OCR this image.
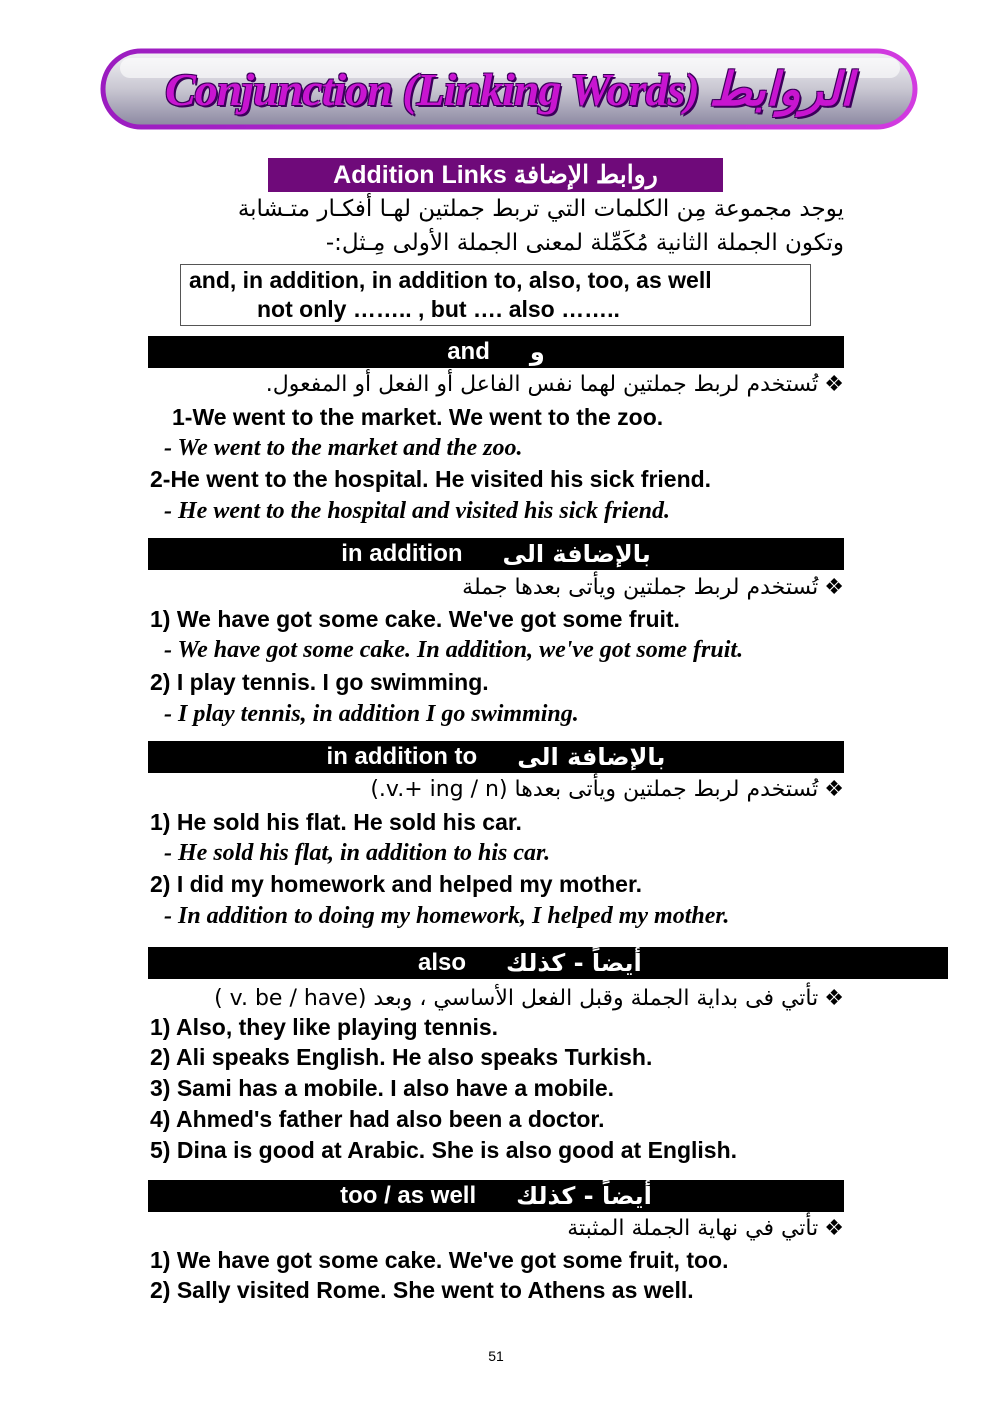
Conjunction (Linking Words) الروابط
Addition Links روابط الإضافة
يوجد مجموعة مِن الكلمات التي تربط جملتين لهـا أفكـار متـشابة
وتكون الجملة الثانية مُكَمِّلة لمعنى الجملة الأولى مِـثل:-
and, in addition, in addition to, also, too, as well
not only …….. , but …. also ……..
and و
❖تُستخدم لربط جملتين لهما نفس الفاعل أو الفعل أو المفعول.
1-We went to the market. We went to the zoo.
- We went to the market and the zoo.
2-He went to the hospital. He visited his sick friend.
- He went to the hospital and visited his sick friend.
in addition بالإضافة الى
❖تُستخدم لربط جملتين ويأتى بعدها جملة
1) We have got some cake. We've got some fruit.
- We have got some cake. In addition, we've got some fruit.
2) I play tennis. I go swimming.
- I play tennis, in addition I go swimming.
in addition to بالإضافة الى
❖تُستخدم لربط جملتين ويأتى بعدها (v.+ ing / n.)
1) He sold his flat. He sold his car.
- He sold his flat, in addition to his car.
2) I did my homework and helped my mother.
- In addition to doing my homework, I helped my mother.
also أيضاً - كذلك
❖تأتي فى بداية الجملة وقبل الفعل الأساسي ، وبعد (v. be / have )
1) Also, they like playing tennis.
2) Ali speaks English. He also speaks Turkish.
3) Sami has a mobile. I also have a mobile.
4) Ahmed's father had also been a doctor.
5) Dina is good at Arabic. She is also good at English.
too / as well أيضاً - كذلك
❖تأتي في نهاية الجملة المثبتة
1) We have got some cake. We've got some fruit, too.
2) Sally visited Rome. She went to Athens as well.
51
